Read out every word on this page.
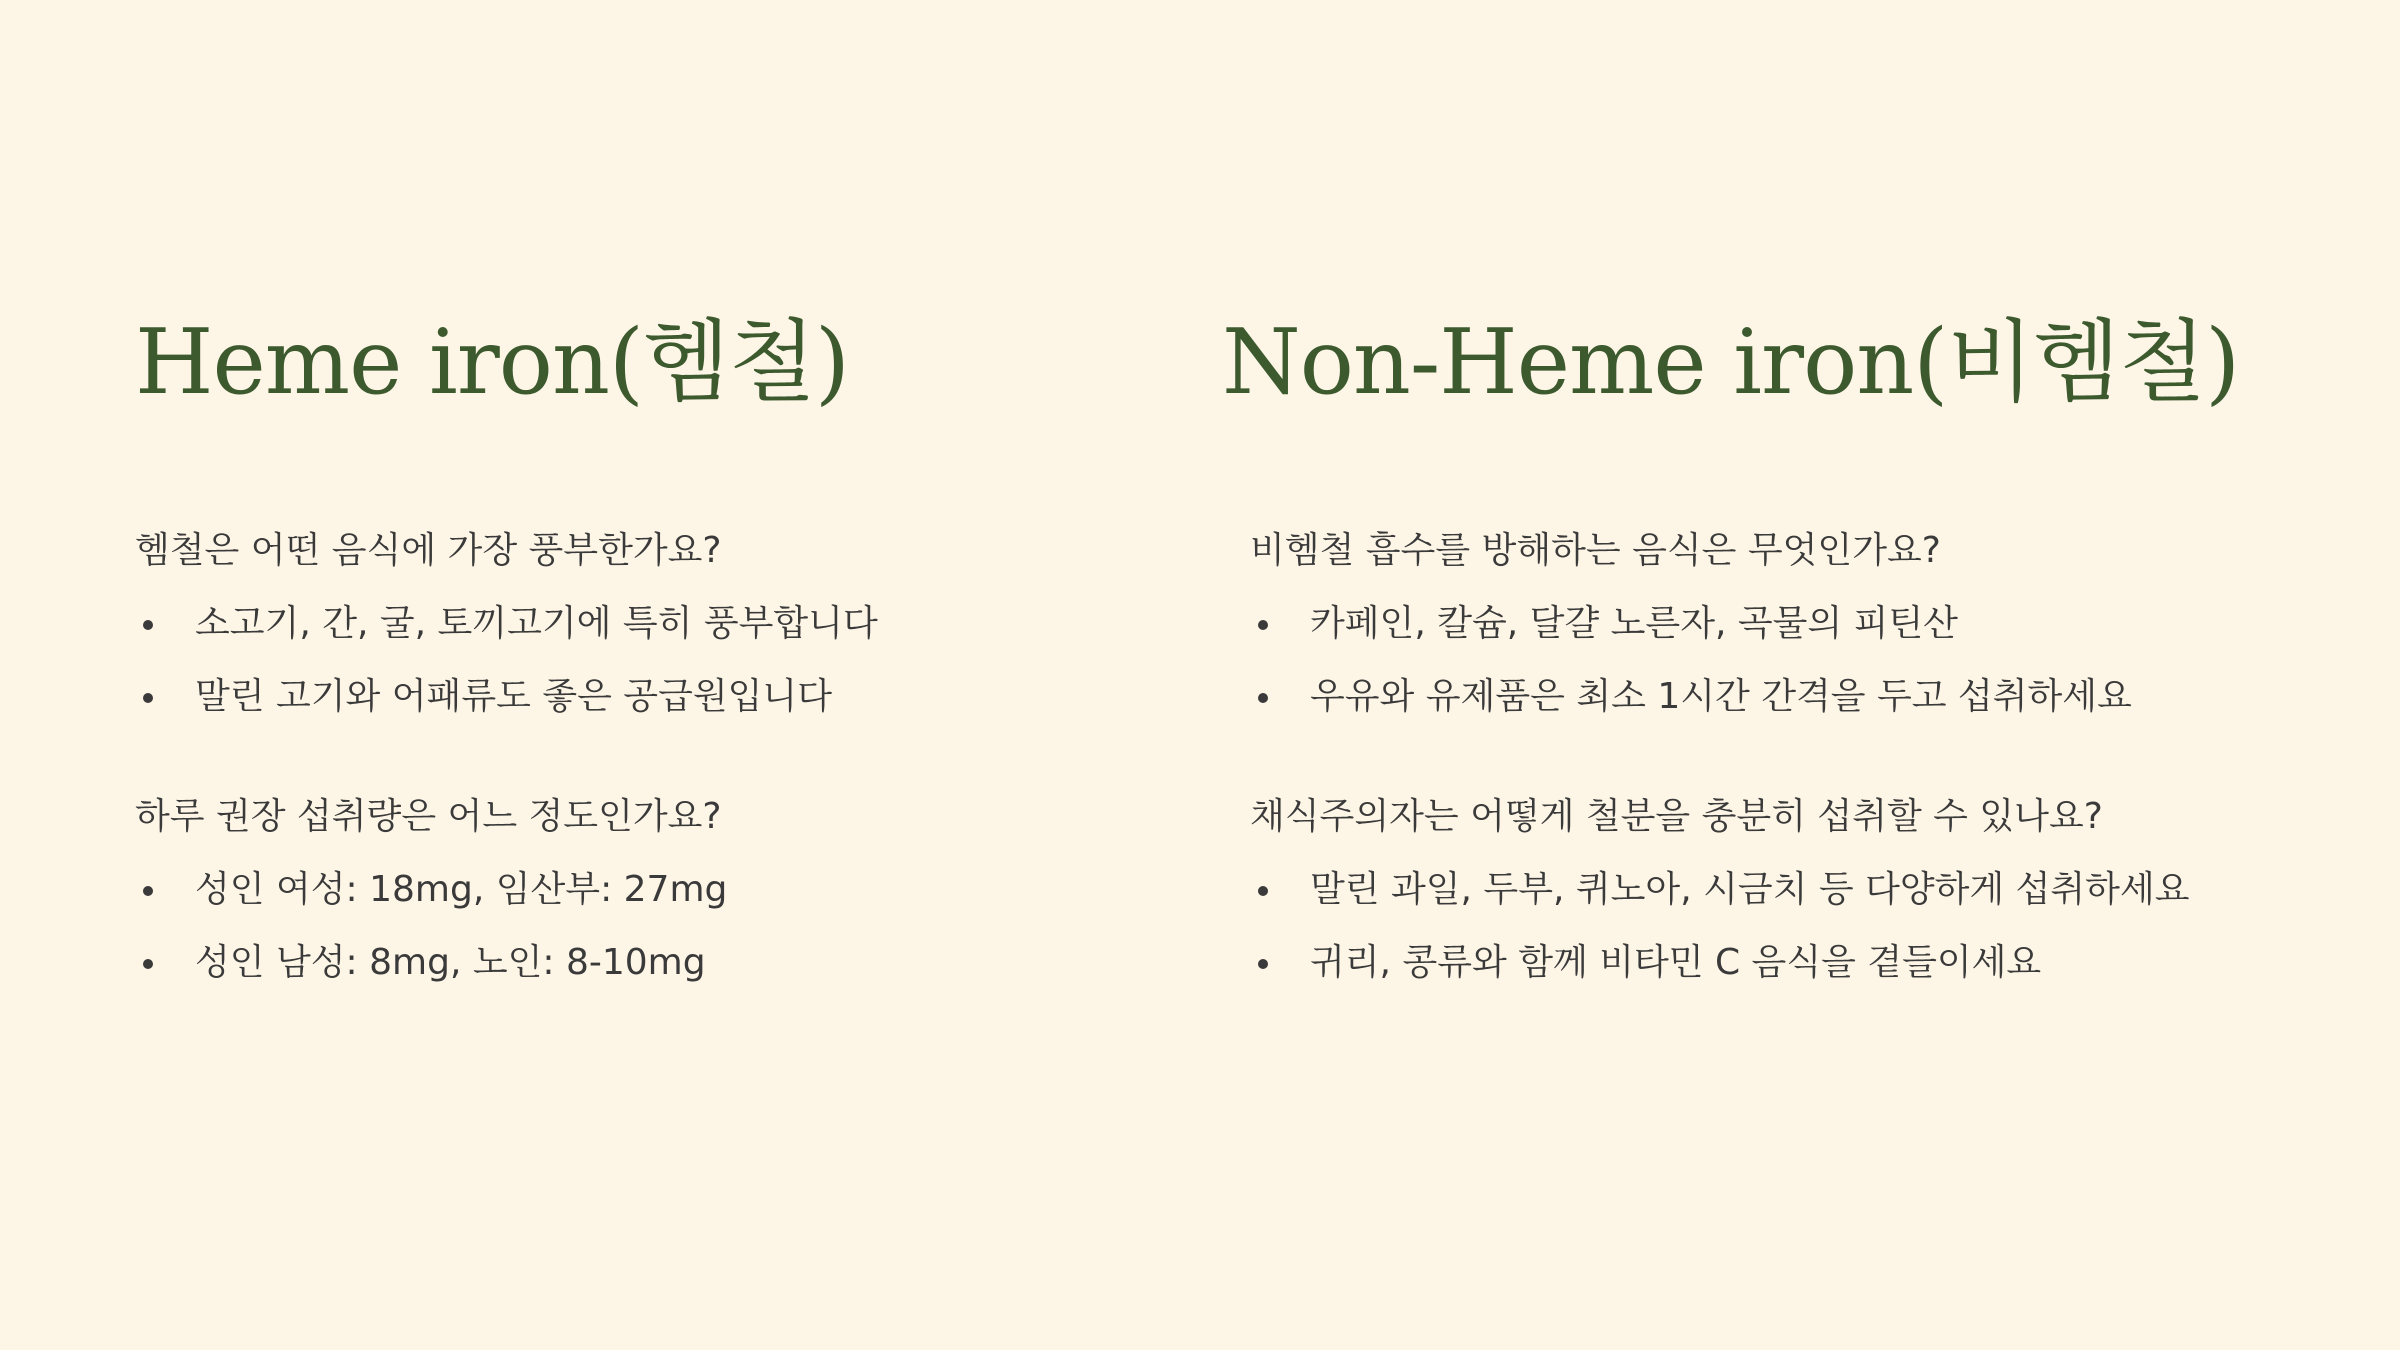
Heme iron(헴철)

헴철은 어떤 음식에 가장 풍부한가요?

소고기, 간, 굴, 토끼고기에 특히 풍부합니다
말린 고기와 어패류도 좋은 공급원입니다

하루 권장 섭취량은 어느 정도인가요?

성인 여성: 18mg, 임산부: 27mg
성인 남성: 8mg, 노인: 8-10mg
Non-Heme iron(비헴철)

비헴철 흡수를 방해하는 음식은 무엇인가요?

카페인, 칼슘, 달걀 노른자, 곡물의 피틴산
우유와 유제품은 최소 1시간 간격을 두고 섭취하세요

채식주의자는 어떻게 철분을 충분히 섭취할 수 있나요?

말린 과일, 두부, 퀴노아, 시금치 등 다양하게 섭취하세요
귀리, 콩류와 함께 비타민 C 음식을 곁들이세요
